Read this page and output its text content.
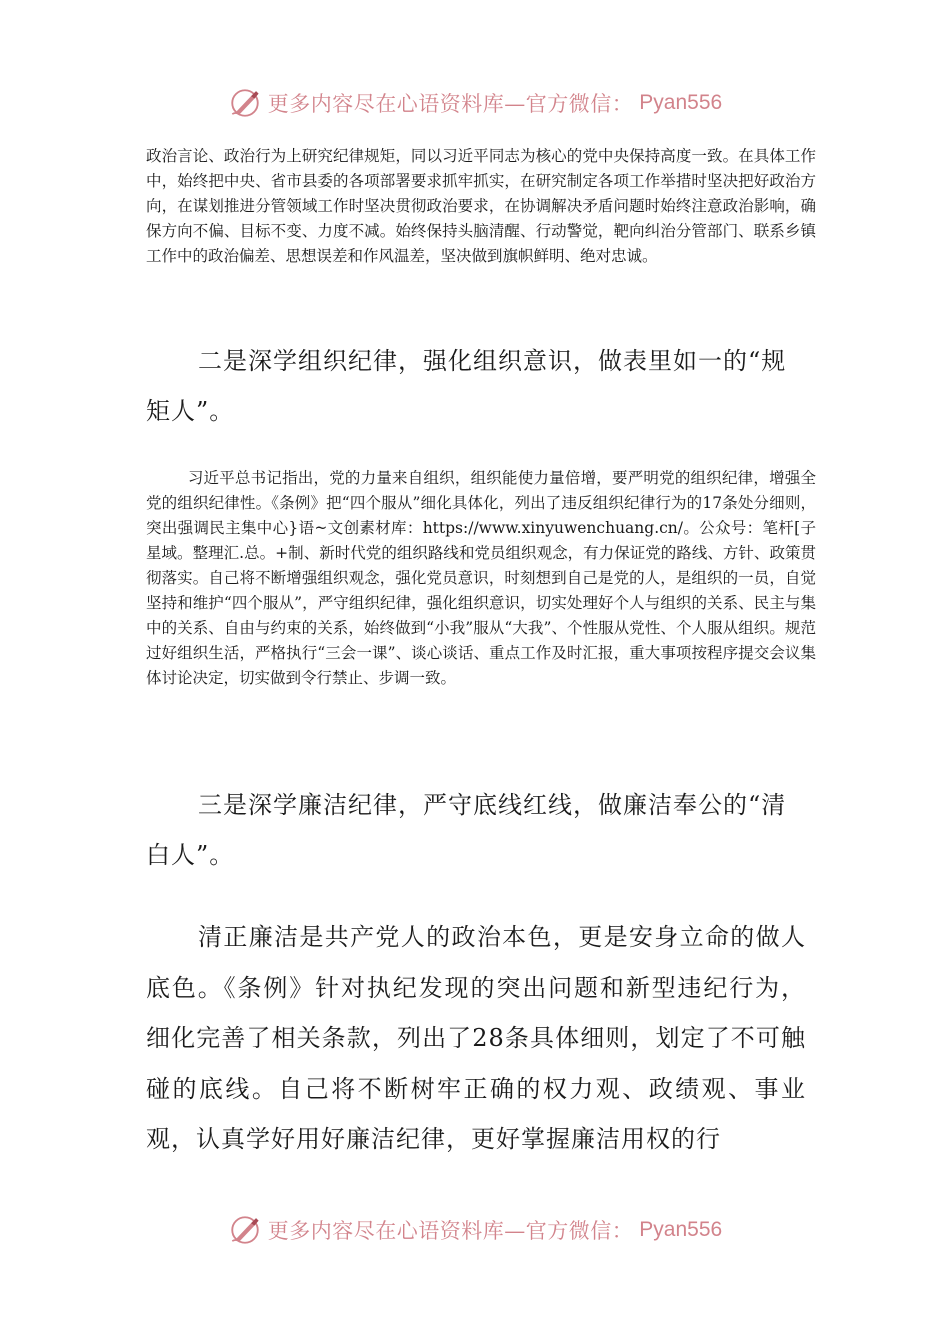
更多内容尽在心语资料库—官方微信： Pyan556

政治言论、政治行为上研究纪律规矩，同以习近平同志为核心的党中央保持高度一致。在具体工作中，始终把中央、省市县委的各项部署要求抓牢抓实，在研究制定各项工作举措时坚决把好政治方向，在谋划推进分管领域工作时坚决贯彻政治要求，在协调解决矛盾问题时始终注意政治影响，确保方向不偏、目标不变、力度不减。始终保持头脑清醒、行动警觉，靶向纠治分管部门、联系乡镇工作中的政治偏差、思想误差和作风温差，坚决做到旗帜鲜明、绝对忠诚。

二是深学组织纪律，强化组织意识，做表里如一的“规矩人”。

习近平总书记指出，党的力量来自组织，组织能使力量倍增，要严明党的组织纪律，增强全党的组织纪律性。《条例》把“四个服从”细化具体化，列出了违反组织纪律行为的17条处分细则，突出强调民主集中心}语~文创素材库：https://www.xinyuwenchuang.cn/。公众号：笔杆[子星域。整理汇.总。+制、新时代党的组织路线和党员组织观念，有力保证党的路线、方针、政策贯彻落实。自己将不断增强组织观念，强化党员意识，时刻想到自己是党的人，是组织的一员，自觉坚持和维护“四个服从”，严守组织纪律，强化组织意识，切实处理好个人与组织的关系、民主与集中的关系、自由与约束的关系，始终做到“小我”服从“大我”、个性服从党性、个人服从组织。规范过好组织生活，严格执行“三会一课”、谈心谈话、重点工作及时汇报，重大事项按程序提交会议集体讨论决定，切实做到令行禁止、步调一致。

三是深学廉洁纪律，严守底线红线，做廉洁奉公的“清白人”。

清正廉洁是共产党人的政治本色，更是安身立命的做人底色。《条例》针对执纪发现的突出问题和新型违纪行为，细化完善了相关条款，列出了28条具体细则，划定了不可触碰的底线。自己将不断树牢正确的权力观、政绩观、事业观，认真学好用好廉洁纪律，更好掌握廉洁用权的行

更多内容尽在心语资料库—官方微信： Pyan556
